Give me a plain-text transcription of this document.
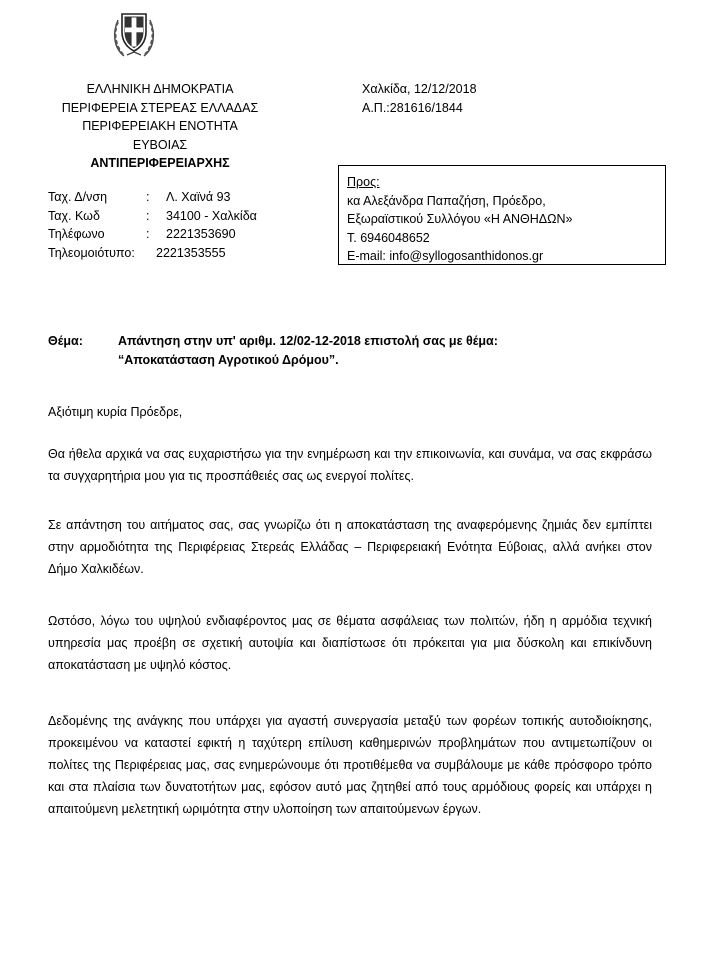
ΕΛΛΗΝΙΚΗ ΔΗΜΟΚΡΑΤΙΑ
ΠΕΡΙΦΕΡΕΙΑ ΣΤΕΡΕΑΣ ΕΛΛΑΔΑΣ
ΠΕΡΙΦΕΡΕΙΑΚΗ ΕΝΟΤΗΤΑ
ΕΥΒΟΙΑΣ
ΑΝΤΙΠΕΡΙΦΕΡΕΙΑΡΧΗΣ
Χαλκίδα, 12/12/2018
Α.Π.:281616/1844
Ταχ. Δ/νση	:	Λ. Χαϊνά 93
Ταχ. Κωδ	:	34100 - Χαλκίδα
Τηλέφωνο	:	2221353690
Τηλεομοιότυπο:	2221353555
Προς:
κα Αλεξάνδρα Παπαζήση, Πρόεδρο,
Εξωραϊστικού Συλλόγου «Η ΑΝΘΗΔΩΝ»
Τ. 6946048652
E-mail: info@syllogosanthidonos.gr
Θέμα:	Απάντηση στην υπ' αριθμ. 12/02-12-2018 επιστολή σας με θέμα:
“Αποκατάσταση Αγροτικού Δρόμου”.
Αξιότιμη κυρία Πρόεδρε,
Θα ήθελα αρχικά να σας ευχαριστήσω για την ενημέρωση και την επικοινωνία, και συνάμα, να σας εκφράσω τα συγχαρητήρια μου για τις προσπάθειές σας ως ενεργοί πολίτες.
Σε απάντηση του αιτήματος σας, σας γνωρίζω ότι η αποκατάσταση της αναφερόμενης ζημιάς δεν εμπίπτει στην αρμοδιότητα της Περιφέρειας Στερεάς Ελλάδας – Περιφερειακή Ενότητα Εύβοιας, αλλά ανήκει στον Δήμο Χαλκιδέων.
Ωστόσο, λόγω του υψηλού ενδιαφέροντος μας σε θέματα ασφάλειας των πολιτών, ήδη η αρμόδια τεχνική υπηρεσία μας προέβη σε σχετική αυτοψία και διαπίστωσε ότι πρόκειται για μια δύσκολη και επικίνδυνη αποκατάσταση με υψηλό κόστος.
Δεδομένης της ανάγκης που υπάρχει για αγαστή συνεργασία μεταξύ των φορέων τοπικής αυτοδιοίκησης, προκειμένου να καταστεί εφικτή η ταχύτερη επίλυση καθημερινών προβλημάτων που αντιμετωπίζουν οι πολίτες της Περιφέρειας μας, σας ενημερώνουμε ότι προτιθέμεθα να συμβάλουμε με κάθε πρόσφορο τρόπο και στα πλαίσια των δυνατοτήτων μας, εφόσον αυτό μας ζητηθεί από τους αρμόδιους φορείς και υπάρχει η απαιτούμενη μελετητική ωριμότητα στην υλοποίηση των απαιτούμενων έργων.
